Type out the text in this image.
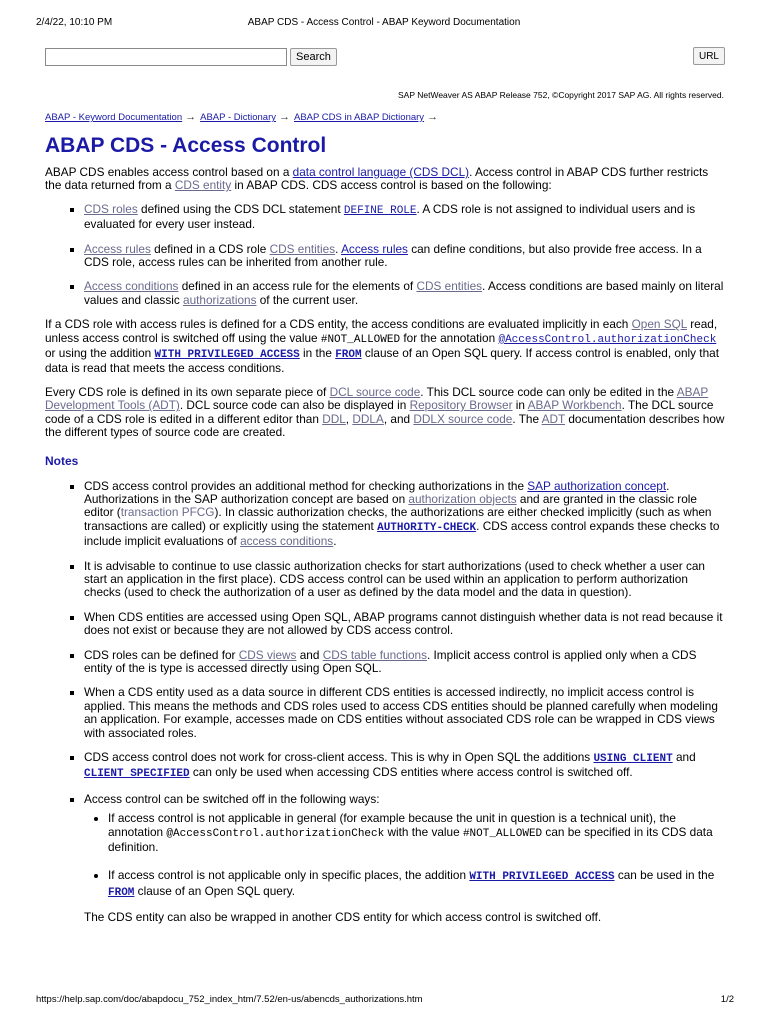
2/4/22, 10:10 PM	ABAP CDS - Access Control - ABAP Keyword Documentation
Search	URL
SAP NetWeaver AS ABAP Release 752, ©Copyright 2017 SAP AG. All rights reserved.
ABAP - Keyword Documentation → ABAP - Dictionary → ABAP CDS in ABAP Dictionary →
ABAP CDS - Access Control

ABAP CDS enables access control based on a data control language (CDS DCL). Access control in ABAP CDS further restricts the data returned from a CDS entity in ABAP CDS. CDS access control is based on the following:

▪ CDS roles defined using the CDS DCL statement DEFINE ROLE. A CDS role is not assigned to individual users and is evaluated for every user instead.
▪ Access rules defined in a CDS role CDS entities. Access rules can define conditions, but also provide free access. In a CDS role, access rules can be inherited from another rule.
▪ Access conditions defined in an access rule for the elements of CDS entities. Access conditions are based mainly on literal values and classic authorizations of the current user.

If a CDS role with access rules is defined for a CDS entity, the access conditions are evaluated implicitly in each Open SQL read, unless access control is switched off using the value #NOT_ALLOWED for the annotation @AccessControl.authorizationCheck or using the addition WITH PRIVILEGED ACCESS in the FROM clause of an Open SQL query. If access control is enabled, only that data is read that meets the access conditions.

Every CDS role is defined in its own separate piece of DCL source code. This DCL source code can only be edited in the ABAP Development Tools (ADT). DCL source code can also be displayed in Repository Browser in ABAP Workbench. The DCL source code of a CDS role is edited in a different editor than DDL, DDLA, and DDLX source code. The ADT documentation describes how the different types of source code are created.

Notes
▪ CDS access control provides an additional method for checking authorizations in the SAP authorization concept. Authorizations in the SAP authorization concept are based on authorization objects and are granted in the classic role editor (transaction PFCG). In classic authorization checks, the authorizations are either checked implicitly (such as when transactions are called) or explicitly using the statement AUTHORITY-CHECK. CDS access control expands these checks to include implicit evaluations of access conditions.
▪ It is advisable to continue to use classic authorization checks for start authorizations (used to check whether a user can start an application in the first place). CDS access control can be used within an application to perform authorization checks (used to check the authorization of a user as defined by the data model and the data in question).
▪ When CDS entities are accessed using Open SQL, ABAP programs cannot distinguish whether data is not read because it does not exist or because they are not allowed by CDS access control.
▪ CDS roles can be defined for CDS views and CDS table functions. Implicit access control is applied only when a CDS entity of the is type is accessed directly using Open SQL.
▪ When a CDS entity used as a data source in different CDS entities is accessed indirectly, no implicit access control is applied. This means the methods and CDS roles used to access CDS entities should be planned carefully when modeling an application. For example, accesses made on CDS entities without associated CDS role can be wrapped in CDS views with associated roles.
▪ CDS access control does not work for cross-client access. This is why in Open SQL the additions USING CLIENT and CLIENT SPECIFIED can only be used when accessing CDS entities where access control is switched off.
▪ Access control can be switched off in the following ways:
• If access control is not applicable in general (for example because the unit in question is a technical unit), the annotation @AccessControl.authorizationCheck with the value #NOT_ALLOWED can be specified in its CDS data definition.
• If access control is not applicable only in specific places, the addition WITH PRIVILEGED ACCESS can be used in the FROM clause of an Open SQL query.
The CDS entity can also be wrapped in another CDS entity for which access control is switched off.
https://help.sap.com/doc/abapdocu_752_index_htm/7.52/en-us/abencds_authorizations.htm	1/2
